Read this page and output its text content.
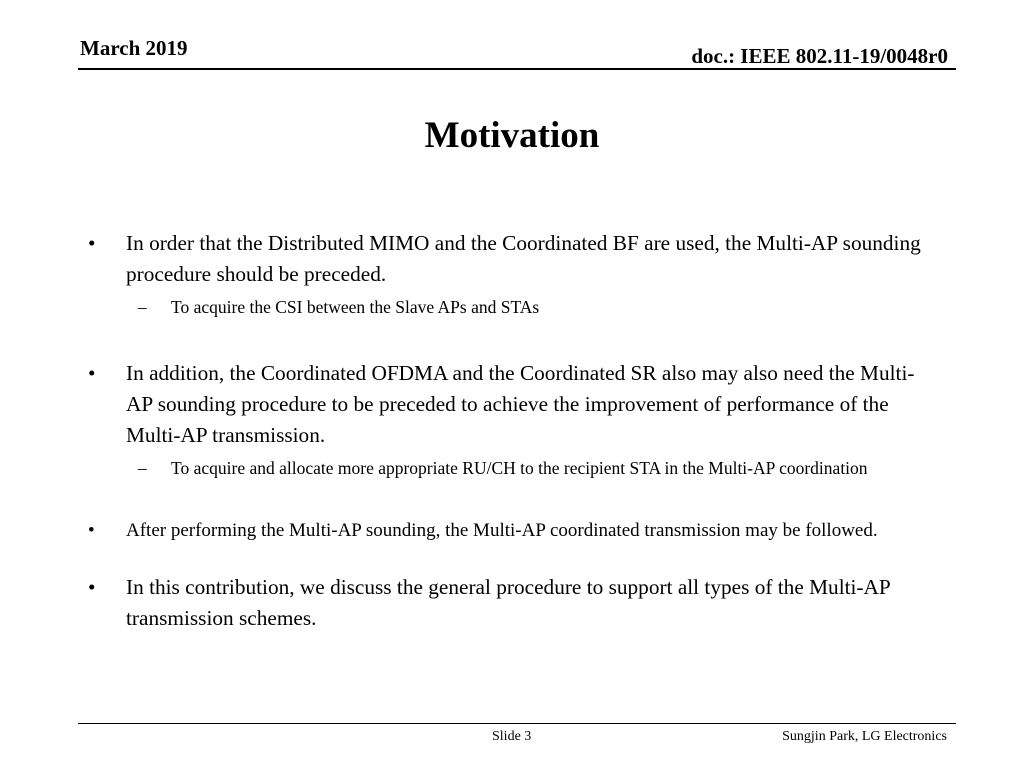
March 2019	doc.: IEEE 802.11-19/0048r0
Motivation
• In order that the Distributed MIMO and the Coordinated BF are used, the Multi-AP sounding procedure should be preceded.
– To acquire the CSI between the Slave APs and STAs
• In addition, the Coordinated OFDMA and the Coordinated SR also may also need the Multi-AP sounding procedure to be preceded to achieve the improvement of performance of the Multi-AP transmission.
– To acquire and allocate more appropriate RU/CH to the recipient STA in the Multi-AP coordination
• After performing the Multi-AP sounding, the Multi-AP coordinated transmission may be followed.
• In this contribution, we discuss the general procedure to support all types of the Multi-AP transmission schemes.
Slide 3	Sungjin Park, LG Electronics
